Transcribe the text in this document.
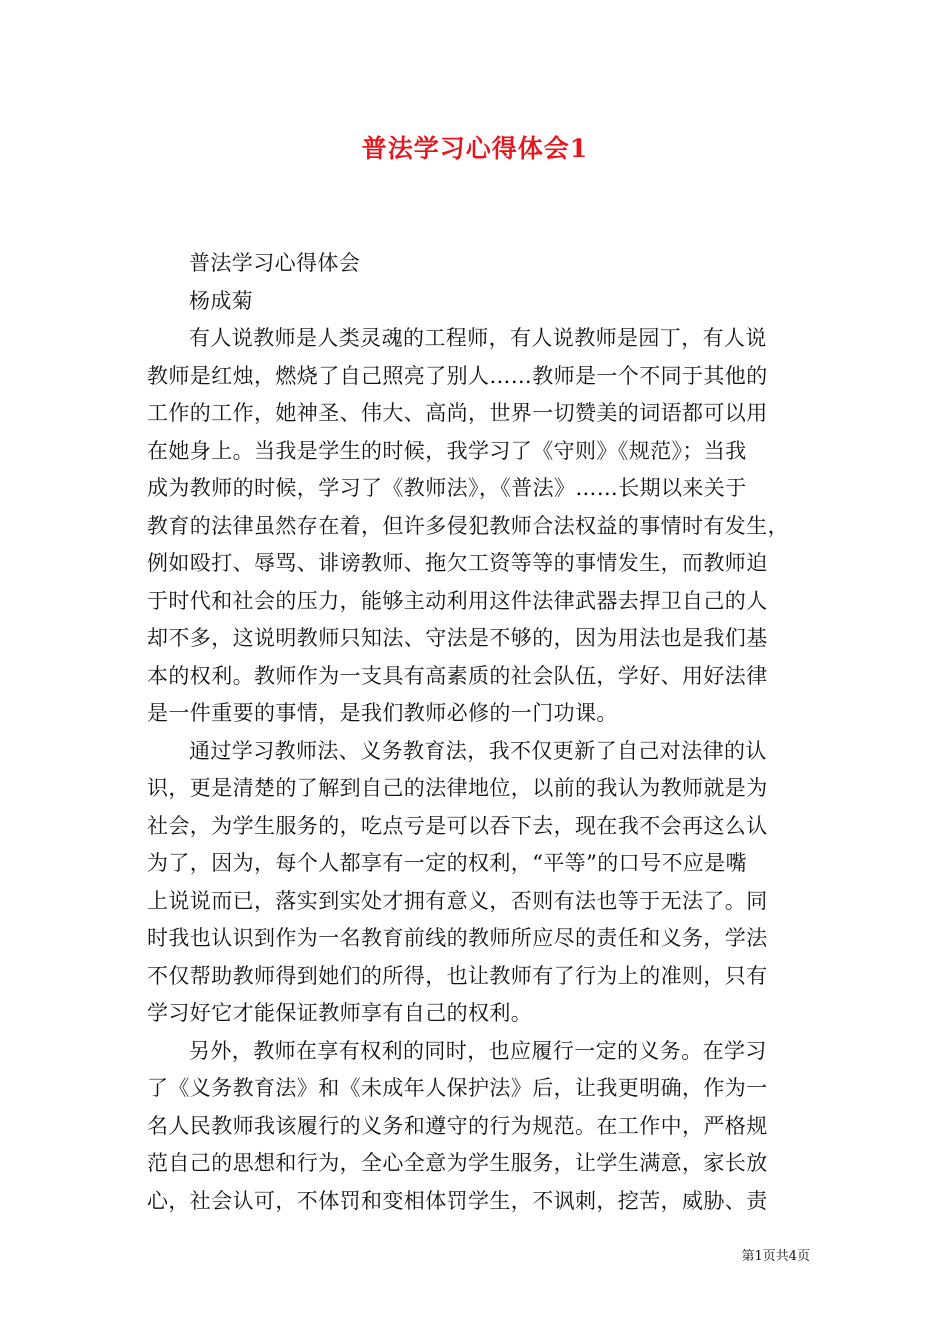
普法学习心得体会1
普法学习心得体会
杨成菊
有人说教师是人类灵魂的工程师，有人说教师是园丁，有人说
教师是红烛，燃烧了自己照亮了别人……教师是一个不同于其他的
工作的工作，她神圣、伟大、高尚，世界一切赞美的词语都可以用
在她身上。当我是学生的时候，我学习了《守则》《规范》；当我
成为教师的时候，学习了《教师法》，《普法》……长期以来关于
教育的法律虽然存在着，但许多侵犯教师合法权益的事情时有发生，
例如殴打、辱骂、诽谤教师、拖欠工资等等的事情发生，而教师迫
于时代和社会的压力，能够主动利用这件法律武器去捍卫自己的人
却不多，这说明教师只知法、守法是不够的，因为用法也是我们基
本的权利。教师作为一支具有高素质的社会队伍，学好、用好法律
是一件重要的事情，是我们教师必修的一门功课。
通过学习教师法、义务教育法，我不仅更新了自己对法律的认
识，更是清楚的了解到自己的法律地位，以前的我认为教师就是为
社会，为学生服务的，吃点亏是可以吞下去，现在我不会再这么认
为了，因为，每个人都享有一定的权利，“平等”的口号不应是嘴
上说说而已，落实到实处才拥有意义，否则有法也等于无法了。同
时我也认识到作为一名教育前线的教师所应尽的责任和义务，学法
不仅帮助教师得到她们的所得，也让教师有了行为上的准则，只有
学习好它才能保证教师享有自己的权利。
另外，教师在享有权利的同时，也应履行一定的义务。在学习
了《义务教育法》和《未成年人保护法》后，让我更明确，作为一
名人民教师我该履行的义务和遵守的行为规范。在工作中，严格规
范自己的思想和行为，全心全意为学生服务，让学生满意，家长放
心，社会认可，不体罚和变相体罚学生，不讽刺，挖苦，威胁、责
第1页共4页
